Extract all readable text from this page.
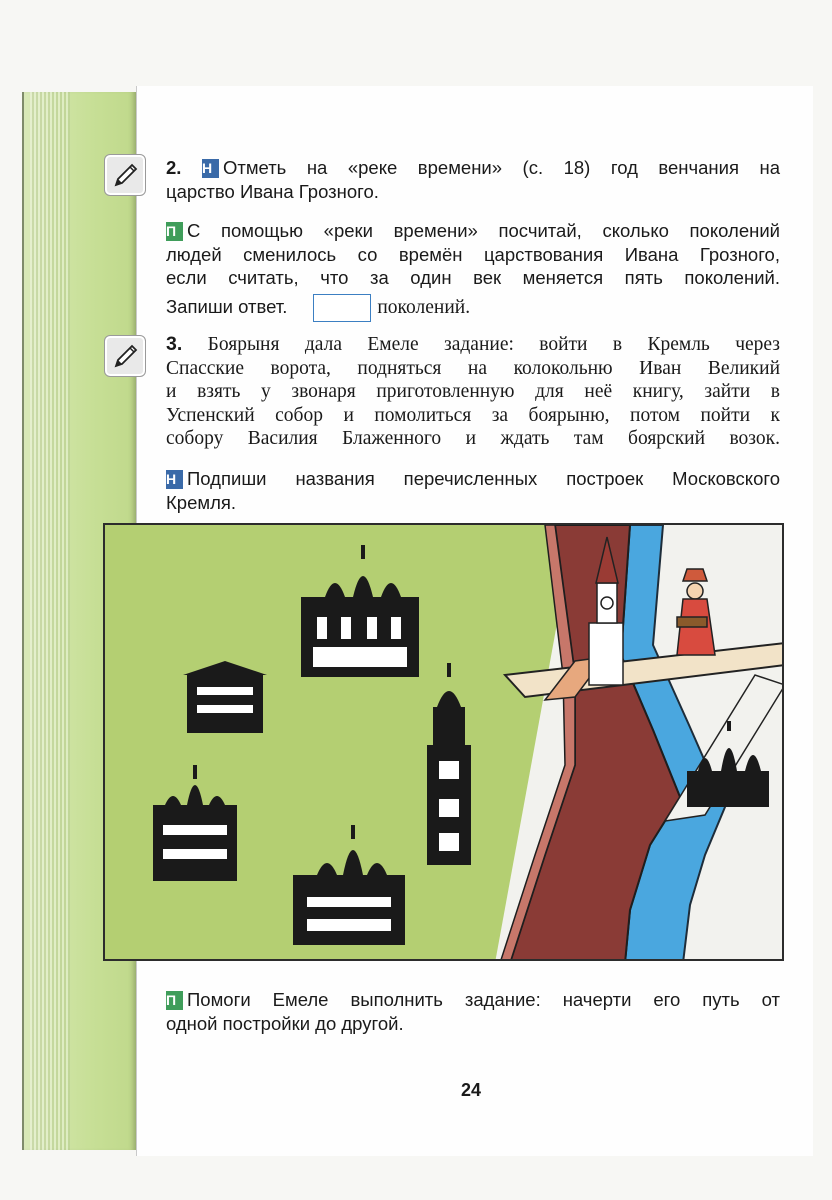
2. Н Отметь на «реке времени» (с. 18) год венчания на
царство Ивана Грозного.
П С помощью «реки времени» посчитай, сколько поколений
людей сменилось со времён царствования Ивана Грозного,
если считать, что за один век меняется пять поколений.
Запиши ответ.	поколений.
3. Боярыня дала Емеле задание: войти в Кремль через
Спасские ворота, подняться на колокольню Иван Великий
и взять у звонаря приготовленную для неё книгу, зайти в
Успенский собор и помолиться за боярыню, потом пойти к
собору Василия Блаженного и ждать там боярский возок.
Н Подпиши названия перечисленных построек Московского
Кремля.
П Помоги Емеле выполнить задание: начерти его путь от
одной постройки до другой.
24
